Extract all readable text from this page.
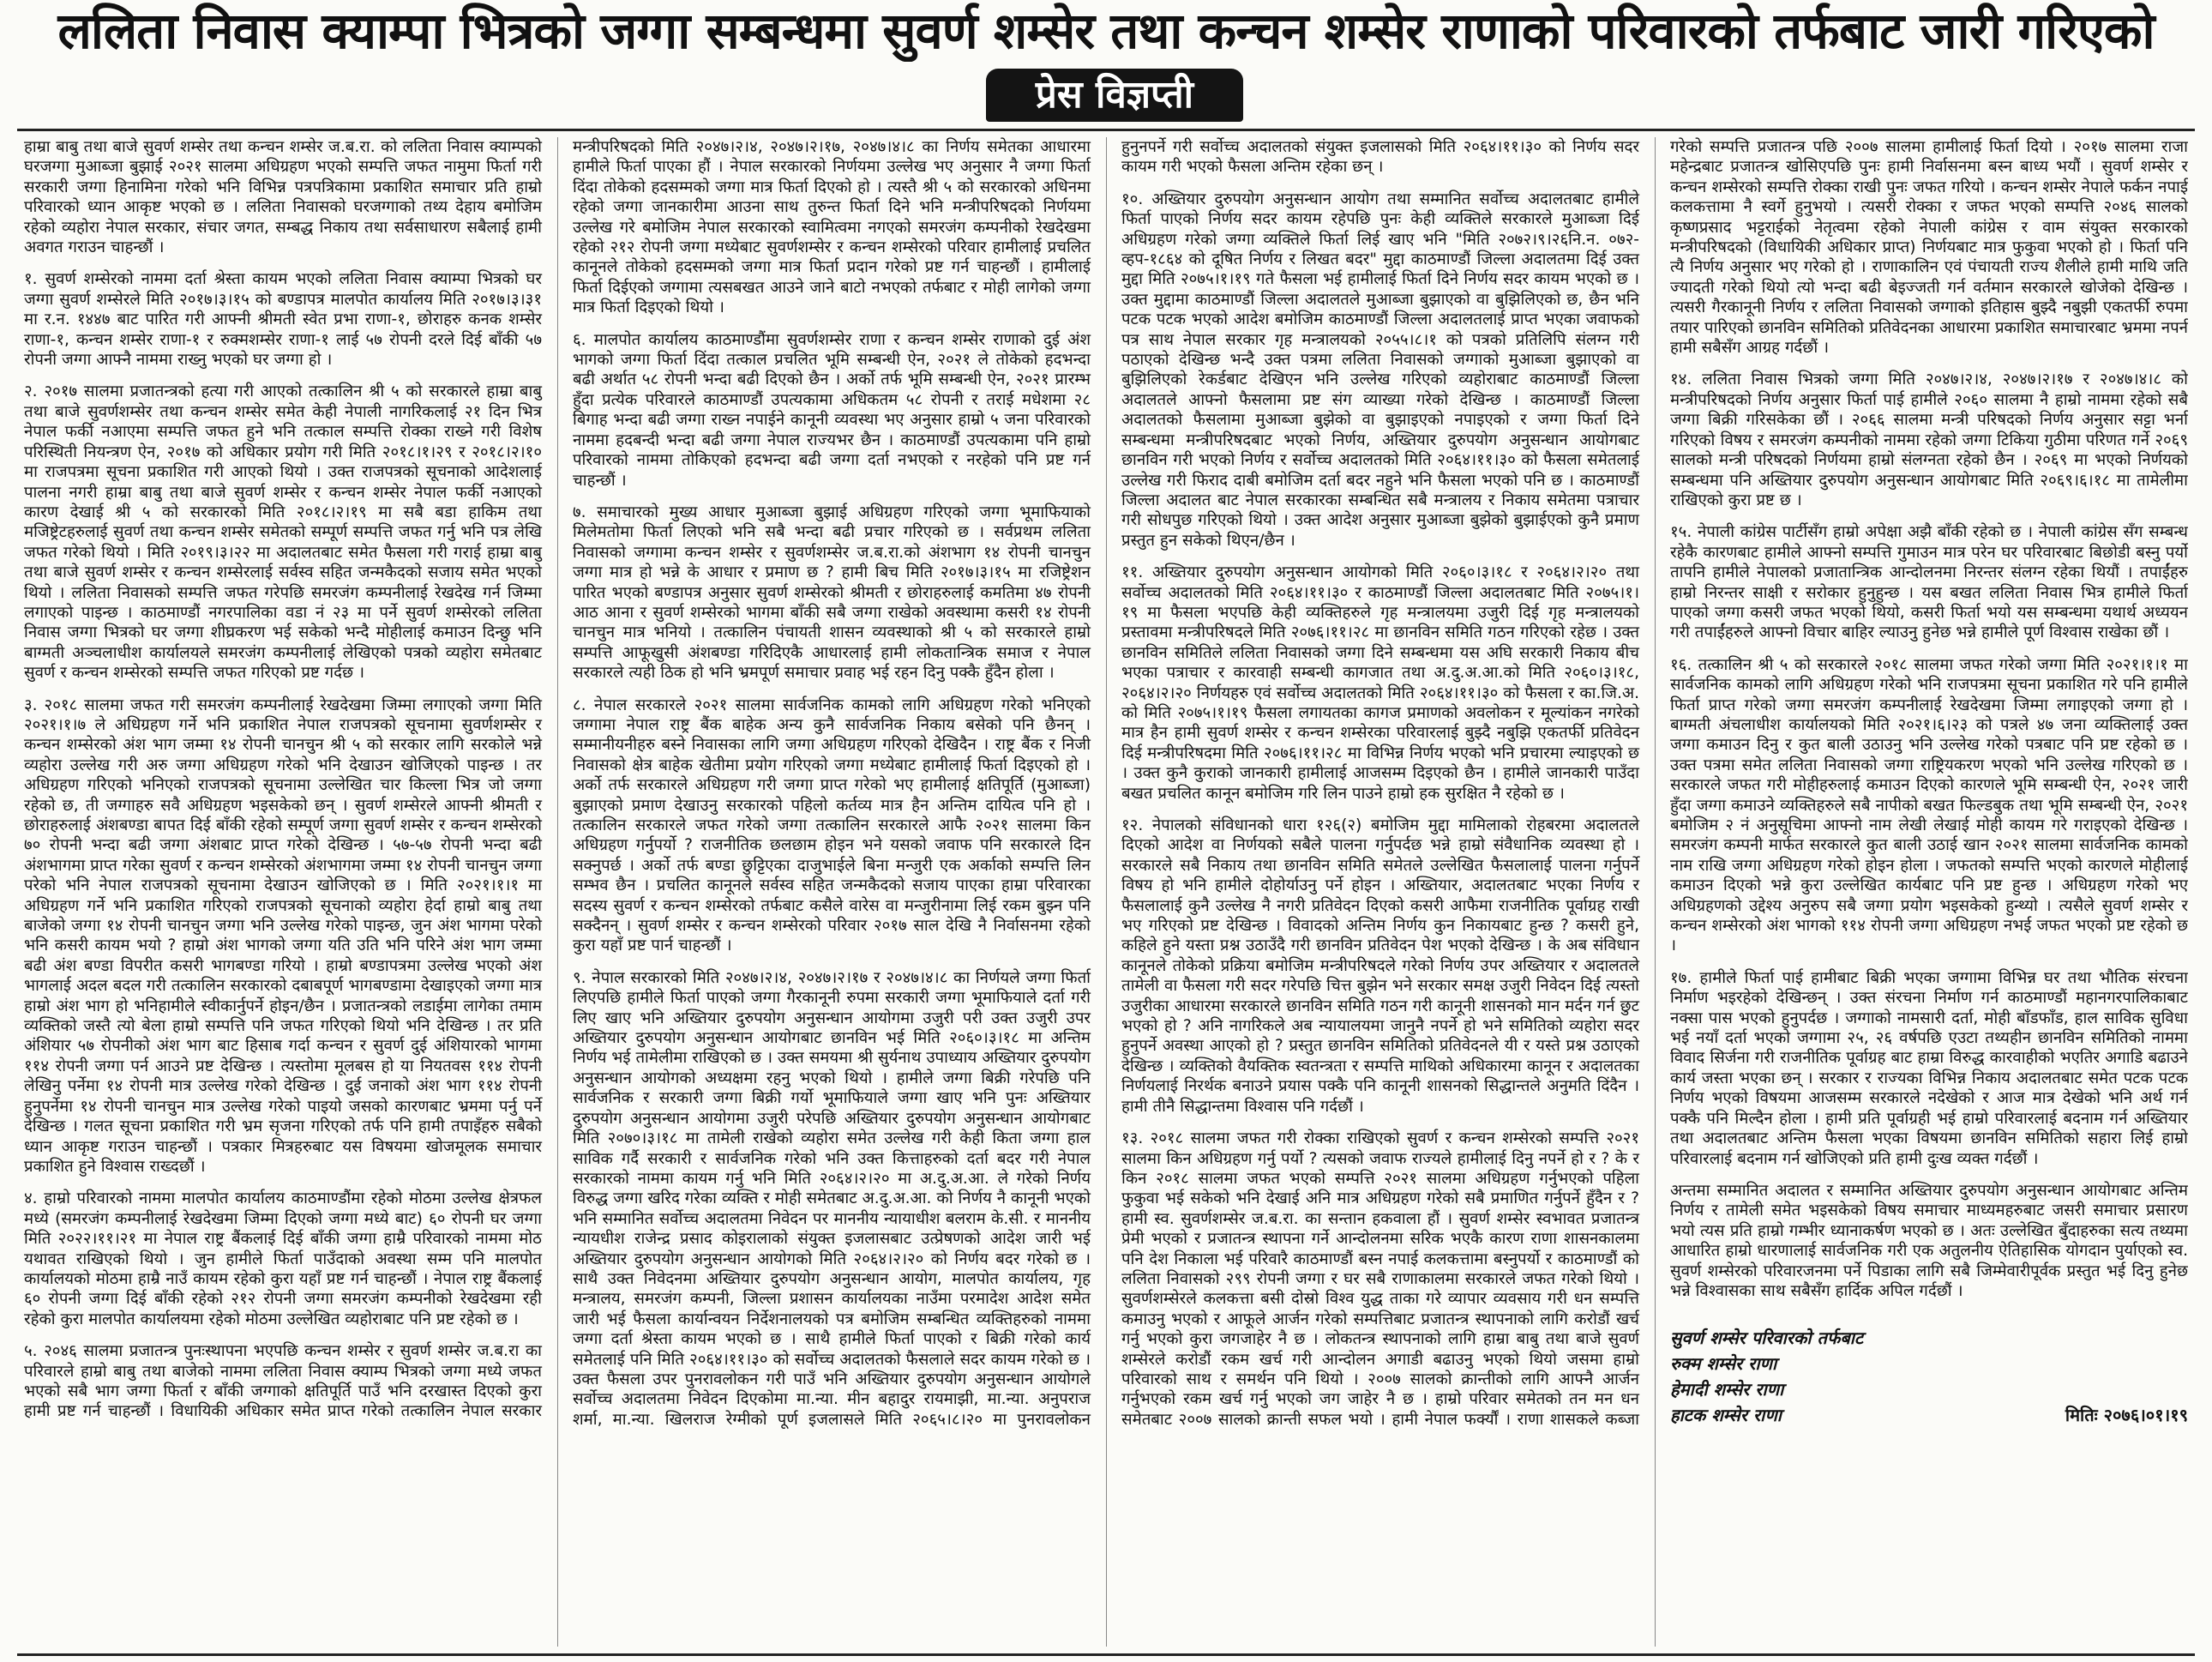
ललिता निवास क्याम्पा भित्रको जग्गा सम्बन्धमा सुवर्ण शम्सेर तथा कन्चन शम्सेर राणाको परिवारको तर्फबाट जारी गरिएको
प्रेस विज्ञप्ती

हाम्रा बाबु तथा बाजे सुवर्ण शम्सेर तथा कन्चन शम्सेर ज.ब.रा. को ललिता निवास क्याम्पको घरजग्गा मुआब्जा बुझाई २०२१ सालमा अधिग्रहण भएको सम्पत्ति जफत नामुमा फिर्ता गरी सरकारी जग्गा हिनामिना गरेको भनि विभिन्न पत्रपत्रिकामा प्रकाशित समाचार प्रति हाम्रो परिवारको ध्यान आकृष्ट भएको छ । ललिता निवासको घरजग्गाको तथ्य देहाय बमोजिम रहेको व्यहोरा नेपाल सरकार, संचार जगत, सम्बद्ध निकाय तथा सर्वसाधारण सबैलाई हामी अवगत गराउन चाहन्छौं ।

१. सुवर्ण शम्सेरको नाममा दर्ता श्रेस्ता कायम भएको ललिता निवास क्याम्पा भित्रको घर जग्गा सुवर्ण शम्सेरले मिति २०१७।३।१५ को बण्डापत्र मालपोत कार्यालय मिति २०१७।३।३१ मा र.न. १४४७ बाट पारित गरी आफ्नी श्रीमती स्वेत प्रभा राणा-१, छोराहरु कनक शम्सेर राणा-१, कन्चन शम्सेर राणा-१ र रुक्मशम्सेर राणा-१ लाई ५७ रोपनी दरले दिई बाँकी ५७ रोपनी जग्गा आफ्नै नाममा राख्नु भएको घर जग्गा हो ।

२. २०१७ सालमा प्रजातन्त्रको हत्या गरी आएको तत्कालिन श्री ५ को सरकारले हाम्रा बाबु तथा बाजे सुवर्णशम्सेर तथा कन्चन शम्सेर समेत केही नेपाली नागरिकलाई २१ दिन भित्र नेपाल फर्की नआएमा सम्पत्ति जफत हुने भनि तत्काल सम्पत्ति रोक्का राख्ने गरी विशेष परिस्थिती नियन्त्रण ऐन, २०१७ को अधिकार प्रयोग गरी मिति २०१८।१।२९ र २०१८।२।१० मा राजपत्रमा सूचना प्रकाशित गरी आएको थियो । उक्त राजपत्रको सूचनाको आदेशलाई पालना नगरी हाम्रा बाबु तथा बाजे सुवर्ण शम्सेर र कन्चन शम्सेर नेपाल फर्की नआएको कारण देखाई श्री ५ को सरकारको मिति २०१८।२।१९ मा सबै बडा हाकिम तथा मजिष्ट्रेटहरुलाई सुवर्ण तथा कन्चन शम्सेर समेतको सम्पूर्ण सम्पत्ति जफत गर्नु भनि पत्र लेखि जफत गरेको थियो । मिति २०१९।३।२२ मा अदालतबाट समेत फैसला गरी गराई हाम्रा बाबु तथा बाजे सुवर्ण शम्सेर र कन्चन शम्सेरलाई सर्वस्व सहित जन्मकैदको सजाय समेत भएको थियो । ललिता निवासको सम्पत्ति जफत गरेपछि समरजंग कम्पनीलाई रेखदेख गर्न जिम्मा लगाएको पाइन्छ । काठमाण्डौं नगरपालिका वडा नं २३ मा पर्ने सुवर्ण शम्सेरको ललिता निवास जग्गा भित्रको घर जग्गा शीघ्रकरण भई सकेको भन्दै मोहीलाई कमाउन दिन्छु भनि बाग्मती अञ्चलाधीश कार्यालयले समरजंग कम्पनीलाई लेखिएको पत्रको व्यहोरा समेतबाट सुवर्ण र कन्चन शम्सेरको सम्पत्ति जफत गरिएको प्रष्ट गर्दछ ।

३. २०१८ सालमा जफत गरी समरजंग कम्पनीलाई रेखदेखमा जिम्मा लगाएको जग्गा मिति २०२१।१।७ ले अधिग्रहण गर्ने भनि प्रकाशित नेपाल राजपत्रको सूचनामा सुवर्णशम्सेर र कन्चन शम्सेरको अंश भाग जम्मा १४ रोपनी चानचुन श्री ५ को सरकार लागि सरकोले भन्ने व्यहोरा उल्लेख गरी अरु जग्गा अधिग्रहण गरेको भनि देखाउन खोजिएको पाइन्छ । तर अधिग्रहण गरिएको भनिएको राजपत्रको सूचनामा उल्लेखित चार किल्ला भित्र जो जग्गा रहेको छ, ती जग्गाहरु सवै अधिग्रहण भइसकेको छन् । सुवर्ण शम्सेरले आफ्नी श्रीमती र छोराहरुलाई अंशबण्डा बापत दिई बाँकी रहेको सम्पूर्ण जग्गा सुवर्ण शम्सेर र कन्चन शम्सेरको ७० रोपनी भन्दा बढी जग्गा अंशबाट प्राप्त गरेको देखिन्छ । ५७-५७ रोपनी भन्दा बढी अंशभागमा प्राप्त गरेका सुवर्ण र कन्चन शम्सेरको अंशभागमा जम्मा १४ रोपनी चानचुन जग्गा परेको भनि नेपाल राजपत्रको सूचनामा देखाउन खोजिएको छ । मिति २०२१।१।१ मा अधिग्रहण गर्ने भनि प्रकाशित गरिएको राजपत्रको सूचनाको व्यहोरा हेर्दा हाम्रो बाबु तथा बाजेको जग्गा १४ रोपनी चानचुन जग्गा भनि उल्लेख गरेको पाइन्छ, जुन अंश भागमा परेको भनि कसरी कायम भयो ? हाम्रो अंश भागको जग्गा यति उति भनि परिने अंश भाग जम्मा बढी अंश बण्डा विपरीत कसरी भागबण्डा गरियो । हाम्रो बण्डापत्रमा उल्लेख भएको अंश भागलाई अदल बदल गरी तत्कालिन सरकारको दबाबपूर्ण भागबण्डामा देखाइएको जग्गा मात्र हाम्रो अंश भाग हो भनिहामीले स्वीकार्नुपर्ने होइन/छैन । प्रजातन्त्रको लडाईमा लागेका तमाम व्यक्तिको जस्तै त्यो बेला हाम्रो सम्पत्ति पनि जफत गरिएको थियो भनि देखिन्छ । तर प्रति अंशियार ५७ रोपनीको अंश भाग बाट हिसाब गर्दा कन्चन र सुवर्ण दुई अंशियारको भागमा ११४ रोपनी जग्गा पर्न आउने प्रष्ट देखिन्छ । त्यस्तोमा मूलबस हो या नियतवस ११४ रोपनी लेखिनु पर्नेमा १४ रोपनी मात्र उल्लेख गरेको देखिन्छ । दुई जनाको अंश भाग ११४ रोपनी हुनुपर्नेमा १४ रोपनी चानचुन मात्र उल्लेख गरेको पाइयो जसको कारणबाट भ्रममा पर्नु पर्ने देखिन्छ । गलत सूचना प्रकाशित गरी भ्रम सृजना गरिएको तर्फ पनि हामी तपाइँहरु सबैको ध्यान आकृष्ट गराउन चाहन्छौं । पत्रकार मित्रहरुबाट यस विषयमा खोजमूलक समाचार प्रकाशित हुने विश्वास राख्दछौं ।

४. हाम्रो परिवारको नाममा मालपोत कार्यालय काठमाण्डौंमा रहेको मोठमा उल्लेख क्षेत्रफल मध्ये (समरजंग कम्पनीलाई रेखदेखमा जिम्मा दिएको जग्गा मध्ये बाट) ६० रोपनी घर जग्गा मिति २०२२।११।२१ मा नेपाल राष्ट्र बैंकलाई दिई बाँकी जग्गा हाम्रै परिवारको नाममा मोठ यथावत राखिएको थियो । जुन हामीले फिर्ता पाउँदाको अवस्था सम्म पनि मालपोत कार्यालयको मोठमा हाम्रै नाउँ कायम रहेको कुरा यहाँ प्रष्ट गर्न चाहन्छौं । नेपाल राष्ट्र बैंकलाई ६० रोपनी जग्गा दिई बाँकी रहेको २१२ रोपनी जग्गा समरजंग कम्पनीको रेखदेखमा रही रहेको कुरा मालपोत कार्यालयमा रहेको मोठमा उल्लेखित व्यहोराबाट पनि प्रष्ट रहेको छ ।

५. २०४६ सालमा प्रजातन्त्र पुनःस्थापना भएपछि कन्चन शम्सेर र सुवर्ण शम्सेर ज.ब.रा का परिवारले हाम्रो बाबु तथा बाजेको नाममा ललिता निवास क्याम्प भित्रको जग्गा मध्ये जफत भएको सबै भाग जग्गा फिर्ता र बाँकी जग्गाको क्षतिपूर्ति पाउँ भनि दरखास्त दिएको कुरा हामी प्रष्ट गर्न चाहन्छौं । विधायिकी अधिकार समेत प्राप्त गरेको तत्कालिन नेपाल सरकार मन्त्रीपरिषदको मिति २०४७।२।४, २०४७।२।१७, २०४७।४।८ का निर्णय समेतका आधारमा हामीले फिर्ता पाएका हौं । नेपाल सरकारको निर्णयमा उल्लेख भए अनुसार नै जग्गा फिर्ता दिंदा तोकेको हदसम्मको जग्गा मात्र फिर्ता दिएको हो । त्यस्तै श्री ५ को सरकारको अधिनमा रहेको जग्गा जानकारीमा आउना साथ तुरुन्त फिर्ता दिने भनि मन्त्रीपरिषदको निर्णयमा उल्लेख गरे बमोजिम नेपाल सरकारको स्वामित्वमा नगएको समरजंग कम्पनीको रेखदेखमा रहेको २१२ रोपनी जग्गा मध्येबाट सुवर्णशम्सेर र कन्चन शम्सेरको परिवार हामीलाई प्रचलित कानूनले तोकेको हदसम्मको जग्गा मात्र फिर्ता प्रदान गरेको प्रष्ट गर्न चाहन्छौं । हामीलाई फिर्ता दिईएको जग्गामा त्यसबखत आउने जाने बाटो नभएको तर्फबाट र मोही लागेको जग्गा मात्र फिर्ता दिइएको थियो ।

६. मालपोत कार्यालय काठमाण्डौंमा सुवर्णशम्सेर राणा र कन्चन शम्सेर राणाको दुई अंश भागको जग्गा फिर्ता दिंदा तत्काल प्रचलित भूमि सम्बन्धी ऐन, २०२१ ले तोकेको हदभन्दा बढी अर्थात ५८ रोपनी भन्दा बढी दिएको छैन । अर्को तर्फ भूमि सम्बन्धी ऐन, २०२१ प्रारम्भ हुँदा प्रत्येक परिवारले काठमाण्डौं उपत्यकामा अधिकतम ५८ रोपनी र तराई मधेशमा २८ बिगाह भन्दा बढी जग्गा राख्न नपाईने कानूनी व्यवस्था भए अनुसार हाम्रो ५ जना परिवारको नाममा हदबन्दी भन्दा बढी जग्गा नेपाल राज्यभर छैन । काठमाण्डौं उपत्यकामा पनि हाम्रो परिवारको नाममा तोकिएको हदभन्दा बढी जग्गा दर्ता नभएको र नरहेको पनि प्रष्ट गर्न चाहन्छौं ।

७. समाचारको मुख्य आधार मुआब्जा बुझाई अधिग्रहण गरिएको जग्गा भूमाफियाको मिलेमतोमा फिर्ता लिएको भनि सबै भन्दा बढी प्रचार गरिएको छ । सर्वप्रथम ललिता निवासको जग्गामा कन्चन शम्सेर र सुवर्णशम्सेर ज.ब.रा.को अंशभाग १४ रोपनी चानचुन जग्गा मात्र हो भन्ने के आधार र प्रमाण छ ? हामी बिच मिति २०१७।३।१५ मा रजिष्ट्रेशन पारित भएको बण्डापत्र अनुसार सुवर्ण शम्सेरको श्रीमती र छोराहरुलाई कमतिमा ४७ रोपनी आठ आना र सुवर्ण शम्सेरको भागमा बाँकी सबै जग्गा राखेको अवस्थामा कसरी १४ रोपनी चानचुन मात्र भनियो । तत्कालिन पंचायती शासन व्यवस्थाको श्री ५ को सरकारले हाम्रो सम्पत्ति आफूखुसी अंशबण्डा गरिदिएकै आधारलाई हामी लोकतान्त्रिक समाज र नेपाल सरकारले त्यही ठिक हो भनि भ्रमपूर्ण समाचार प्रवाह भई रहन दिनु पक्कै हुँदैन होला ।

८. नेपाल सरकारले २०२१ सालमा सार्वजनिक कामको लागि अधिग्रहण गरेको भनिएको जग्गामा नेपाल राष्ट्र बैंक बाहेक अन्य कुनै सार्वजनिक निकाय बसेको पनि छैनन् । सम्मानीयनीहरु बस्ने निवासका लागि जग्गा अधिग्रहण गरिएको देखिदैन । राष्ट्र बैंक र निजी निवासको क्षेत्र बाहेक खेतीमा प्रयोग गरिएको जग्गा मध्येबाट हामीलाई फिर्ता दिइएको हो । अर्को तर्फ सरकारले अधिग्रहण गरी जग्गा प्राप्त गरेको भए हामीलाई क्षतिपूर्ति (मुआब्जा) बुझाएको प्रमाण देखाउनु सरकारको पहिलो कर्तव्य मात्र हैन अन्तिम दायित्व पनि हो । तत्कालिन सरकारले जफत गरेको जग्गा तत्कालिन सरकारले आफै २०२१ सालमा किन अधिग्रहण गर्नुपर्यो ? राजनीतिक छलछाम होइन भने यसको जवाफ पनि सरकारले दिन सक्नुपर्छ । अर्को तर्फ बण्डा छुट्टिएका दाजुभाईले बिना मन्जुरी एक अर्काको सम्पत्ति लिन सम्भव छैन । प्रचलित कानूनले सर्वस्व सहित जन्मकैदको सजाय पाएका हाम्रा परिवारका सदस्य सुवर्ण र कन्चन शम्सेरको तर्फबाट कसैले वारेस वा मन्जुरीनामा लिई रकम बुझ्न पनि सक्दैनन् । सुवर्ण शम्सेर र कन्चन शम्सेरको परिवार २०१७ साल देखि नै निर्वासनमा रहेको कुरा यहाँ प्रष्ट पार्न चाहन्छौं ।

९. नेपाल सरकारको मिति २०४७।२।४, २०४७।२।१७ र २०४७।४।८ का निर्णयले जग्गा फिर्ता लिएपछि हामीले फिर्ता पाएको जग्गा गैरकानूनी रुपमा सरकारी जग्गा भूमाफियाले दर्ता गरी लिए खाए भनि अख्तियार दुरुपयोग अनुसन्धान आयोगमा उजुरी परी उक्त उजुरी उपर अख्तियार दुरुपयोग अनुसन्धान आयोगबाट छानविन भई मिति २०६०।३।१८ मा अन्तिम निर्णय भई तामेलीमा राखिएको छ । उक्त समयमा श्री सुर्यनाथ उपाध्याय अख्तियार दुरुपयोग अनुसन्धान आयोगको अध्यक्षमा रहनु भएको थियो । हामीले जग्गा बिक्री गरेपछि पनि सार्वजनिक र सरकारी जग्गा बिक्री गर्यो भूमाफियाले जग्गा खाए भनि पुनः अख्तियार दुरुपयोग अनुसन्धान आयोगमा उजुरी परेपछि अख्तियार दुरुपयोग अनुसन्धान आयोगबाट मिति २०७०।३।१८ मा तामेली राखेको व्यहोरा समेत उल्लेख गरी केही किता जग्गा हाल साविक गर्दै सरकारी र सार्वजनिक गरेको भनि उक्त कित्ताहरुको दर्ता बदर गरी नेपाल सरकारको नाममा कायम गर्नु भनि मिति २०६४।२।२० मा अ.दु.अ.आ. ले गरेको निर्णय विरुद्ध जग्गा खरिद गरेका व्यक्ति र मोही समेतबाट अ.दु.अ.आ. को निर्णय नै कानूनी भएको भनि सम्मानित सर्वोच्च अदालतमा निवेदन पर माननीय न्यायाधीश बलराम के.सी. र माननीय न्यायधीश राजेन्द्र प्रसाद कोइरालाको संयुक्त इजलासबाट उत्प्रेषणको आदेश जारी भई अख्तियार दुरुपयोग अनुसन्धान आयोगको मिति २०६४।२।२० को निर्णय बदर गरेको छ । साथै उक्त निवेदनमा अख्तियार दुरुपयोग अनुसन्धान आयोग, मालपोत कार्यालय, गृह मन्त्रालय, समरजंग कम्पनी, जिल्ला प्रशासन कार्यालयका नाउँमा परमादेश आदेश समेत जारी भई फैसला कार्यान्वयन निर्देशनालयको पत्र बमोजिम सम्बन्धित व्यक्तिहरुको नाममा जग्गा दर्ता श्रेस्ता कायम भएको छ । साथै हामीले फिर्ता पाएको र बिक्री गरेको कार्य समेतलाई पनि मिति २०६४।११।३० को सर्वोच्च अदालतको फैसलाले सदर कायम गरेको छ । उक्त फैसला उपर पुनरावलोकन गरी पाउँ भनि अख्तियार दुरुपयोग अनुसन्धान आयोगले सर्वोच्च अदालतमा निवेदन दिएकोमा मा.न्या. मीन बहादुर रायमाझी, मा.न्या. अनुपराज शर्मा, मा.न्या. खिलराज रेग्मीको पूर्ण इजलासले मिति २०६५।८।२० मा पुनरावलोकन हुनुनपर्ने गरी सर्वोच्च अदालतको संयुक्त इजलासको मिति २०६४।११।३० को निर्णय सदर कायम गरी भएको फैसला अन्तिम रहेका छन् ।

१०. अख्तियार दुरुपयोग अनुसन्धान आयोग तथा सम्मानित सर्वोच्च अदालतबाट हामीले फिर्ता पाएको निर्णय सदर कायम रहेपछि पुनः केही व्यक्तिले सरकारले मुआब्जा दिई अधिग्रहण गरेको जग्गा व्यक्तिले फिर्ता लिई खाए भनि "मिति २०७२।९।२६नि.न. ०७२-व्हप-१८६४ को दूषित निर्णय र लिखत बदर" मुद्दा काठमाण्डौं जिल्ला अदालतमा दिई उक्त मुद्दा मिति २०७५।१।१९ गते फैसला भई हामीलाई फिर्ता दिने निर्णय सदर कायम भएको छ । उक्त मुद्दामा काठमाण्डौं जिल्ला अदालतले मुआब्जा बुझाएको वा बुझिलिएको छ, छैन भनि पटक पटक भएको आदेश बमोजिम काठमाण्डौं जिल्ला अदालतलाई प्राप्त भएका जवाफको पत्र साथ नेपाल सरकार गृह मन्त्रालयको २०५५।८।१ को पत्रको प्रतिलिपि संलग्न गरी पठाएको देखिन्छ भन्दै उक्त पत्रमा ललिता निवासको जग्गाको मुआब्जा बुझाएको वा बुझिलिएको रेकर्डबाट देखिएन भनि उल्लेख गरिएको व्यहोराबाट काठमाण्डौं जिल्ला अदालतले आफ्नो फैसलामा प्रष्ट संग व्याख्या गरेको देखिन्छ । काठमाण्डौं जिल्ला अदालतको फैसलामा मुआब्जा बुझेको वा बुझाइएको नपाइएको र जग्गा फिर्ता दिने सम्बन्धमा मन्त्रीपरिषदबाट भएको निर्णय, अख्तियार दुरुपयोग अनुसन्धान आयोगबाट छानविन गरी भएको निर्णय र सर्वोच्च अदालतको मिति २०६४।११।३० को फैसला समेतलाई उल्लेख गरी फिराद दाबी बमोजिम दर्ता बदर नहुने भनि फैसला भएको पनि छ । काठमाण्डौं जिल्ला अदालत बाट नेपाल सरकारका सम्बन्धित सबै मन्त्रालय र निकाय समेतमा पत्राचार गरी सोधपुछ गरिएको थियो । उक्त आदेश अनुसार मुआब्जा बुझेको बुझाईएको कुनै प्रमाण प्रस्तुत हुन सकेको थिएन/छैन ।

११. अख्तियार दुरुपयोग अनुसन्धान आयोगको मिति २०६०।३।१८ र २०६४।२।२० तथा सर्वोच्च अदालतको मिति २०६४।११।३० र काठमाण्डौं जिल्ला अदालतबाट मिति २०७५।१।१९ मा फैसला भएपछि केही व्यक्तिहरुले गृह मन्त्रालयमा उजुरी दिई गृह मन्त्रालयको प्रस्तावमा मन्त्रीपरिषदले मिति २०७६।११।२८ मा छानविन समिति गठन गरिएको रहेछ । उक्त छानविन समितिले ललिता निवासको जग्गा दिने सम्बन्धमा यस अघि सरकारी निकाय बीच भएका पत्राचार र कारवाही सम्बन्धी कागजात तथा अ.दु.अ.आ.को मिति २०६०।३।१८, २०६४।२।२० निर्णयहरु एवं सर्वोच्च अदालतको मिति २०६४।११।३० को फैसला र का.जि.अ. को मिति २०७५।१।१९ फैसला लगायतका कागज प्रमाणको अवलोकन र मूल्यांकन नगरेको मात्र हैन हामी सुवर्ण शम्सेर र कन्चन शम्सेरका परिवारलाई बुझ्दै नबुझि एकतर्फी प्रतिवेदन दिई मन्त्रीपरिषदमा मिति २०७६।११।२८ मा विभिन्न निर्णय भएको भनि प्रचारमा ल्याइएको छ । उक्त कुनै कुराको जानकारी हामीलाई आजसम्म दिइएको छैन । हामीले जानकारी पाउँदा बखत प्रचलित कानून बमोजिम गरि लिन पाउने हाम्रो हक सुरक्षित नै रहेको छ ।

१२. नेपालको संविधानको धारा १२६(२) बमोजिम मुद्दा मामिलाको रोहबरमा अदालतले दिएको आदेश वा निर्णयको सबैले पालना गर्नुपर्दछ भन्ने हाम्रो संवैधानिक व्यवस्था हो । सरकारले सबै निकाय तथा छानविन समिति समेतले उल्लेखित फैसलालाई पालना गर्नुपर्ने विषय हो भनि हामीले दोहोर्याउनु पर्ने होइन । अख्तियार, अदालतबाट भएका निर्णय र फैसलालाई कुनै उल्लेख नै नगरी प्रतिवेदन दिएको कसरी आफैमा राजनीतिक पूर्वाग्रह राखी भए गरिएको प्रष्ट देखिन्छ । विवादको अन्तिम निर्णय कुन निकायबाट हुन्छ ? कसरी हुने, कहिले हुने यस्ता प्रश्न उठाउँदै गरी छानविन प्रतिवेदन पेश भएको देखिन्छ । के अब संविधान कानूनले तोकेको प्रक्रिया बमोजिम मन्त्रीपरिषदले गरेको निर्णय उपर अख्तियार र अदालतले तामेली वा फैसला गरी सदर गरेपछि चित्त बुझेन भने सरकार समक्ष उजुरी निवेदन दिई त्यस्तो उजुरीका आधारमा सरकारले छानविन समिति गठन गरी कानूनी शासनको मान मर्दन गर्न छुट भएको हो ? अनि नागरिकले अब न्यायालयमा जानुनै नपर्ने हो भने समितिको व्यहोरा सदर हुनुपर्ने अवस्था आएको हो ? प्रस्तुत छानविन समितिको प्रतिवेदनले यी र यस्ते प्रश्न उठाएको देखिन्छ । व्यक्तिको वैयक्तिक स्वतन्त्रता र सम्पत्ति माथिको अधिकारमा कानून र अदालतका निर्णयलाई निरर्थक बनाउने प्रयास पक्कै पनि कानूनी शासनको सिद्धान्तले अनुमति दिंदैन । हामी तीनै सिद्धान्तमा विश्वास पनि गर्दछौं ।

१३. २०१८ सालमा जफत गरी रोक्का राखिएको सुवर्ण र कन्चन शम्सेरको सम्पत्ति २०२१ सालमा किन अधिग्रहण गर्नु पर्यो ? त्यसको जवाफ राज्यले हामीलाई दिनु नपर्ने हो र ? के र किन २०१८ सालमा जफत भएको सम्पत्ति २०२१ सालमा अधिग्रहण गर्नुभएको पहिला फुकुवा भई सकेको भनि देखाई अनि मात्र अधिग्रहण गरेको सबै प्रमाणित गर्नुपर्ने हुँदैन र ? हामी स्व. सुवर्णशम्सेर ज.ब.रा. का सन्तान हकवाला हौं । सुवर्ण शम्सेर स्वभावत प्रजातन्त्र प्रेमी भएको र प्रजातन्त्र स्थापना गर्ने आन्दोलनमा सरिक भएकै कारण राणा शासनकालमा पनि देश निकाला भई परिवारै काठमाण्डौं बस्न नपाई कलकत्तामा बस्नुपर्यो र काठमाण्डौं को ललिता निवासको २९९ रोपनी जग्गा र घर सबै राणाकालमा सरकारले जफत गरेको थियो । सुवर्णशम्सेरले कलकत्ता बसी दोस्रो विश्व युद्ध ताका गरे व्यापार व्यवसाय गरी धन सम्पत्ति कमाउनु भएको र आफूले आर्जन गरेको सम्पत्तिबाट प्रजातन्त्र स्थापनाको लागि करोडौं खर्च गर्नु भएको कुरा जगजाहेर नै छ । लोकतन्त्र स्थापनाको लागि हाम्रा बाबु तथा बाजे सुवर्ण शम्सेरले करोडौं रकम खर्च गरी आन्दोलन अगाडी बढाउनु भएको थियो जसमा हाम्रो परिवारको साथ र समर्थन पनि थियो । २००७ सालको क्रान्तीको लागि आफ्नै आर्जन गर्नुभएको रकम खर्च गर्नु भएको जग जाहेर नै छ । हाम्रो परिवार समेतको तन मन धन समेतबाट २००७ सालको क्रान्ती सफल भयो । हामी नेपाल फर्क्यौं । राणा शासकले कब्जा गरेको सम्पत्ति प्रजातन्त्र पछि २००७ सालमा हामीलाई फिर्ता दियो । २०१७ सालमा राजा महेन्द्रबाट प्रजातन्त्र खोसिएपछि पुनः हामी निर्वासनमा बस्न बाध्य भयौं । सुवर्ण शम्सेर र कन्चन शम्सेरको सम्पत्ति रोक्का राखी पुनः जफत गरियो । कन्चन शम्सेर नेपाले फर्कन नपाई कलकत्तामा नै स्वर्गे हुनुभयो । त्यसरी रोक्का र जफत भएको सम्पत्ति २०४६ सालको कृष्णप्रसाद भट्टराईको नेतृत्वमा रहेको नेपाली कांग्रेस र वाम संयुक्त सरकारको मन्त्रीपरिषदको (विधायिकी अधिकार प्राप्त) निर्णयबाट मात्र फुकुवा भएको हो । फिर्ता पनि त्यै निर्णय अनुसार भए गरेको हो । राणाकालिन एवं पंचायती राज्य शैलीले हामी माथि जति ज्यादती गरेको थियो त्यो भन्दा बढी बेइज्जती गर्न वर्तमान सरकारले खोजेको देखिन्छ । त्यसरी गैरकानूनी निर्णय र ललिता निवासको जग्गाको इतिहास बुझ्दै नबुझी एकतर्फी रुपमा तयार पारिएको छानविन समितिको प्रतिवेदनका आधारमा प्रकाशित समाचारबाट भ्रममा नपर्न हामी सबैसँग आग्रह गर्दछौं ।

१४. ललिता निवास भित्रको जग्गा मिति २०४७।२।४, २०४७।२।१७ र २०४७।४।८ को मन्त्रीपरिषदको निर्णय अनुसार फिर्ता पाई हामीले २०६० सालमा नै हाम्रो नाममा रहेको सबै जग्गा बिक्री गरिसकेका छौं । २०६६ सालमा मन्त्री परिषदको निर्णय अनुसार सट्टा भर्ना गरिएको विषय र समरजंग कम्पनीको नाममा रहेको जग्गा टिकिया गुठीमा परिणत गर्ने २०६९ सालको मन्त्री परिषदको निर्णयमा हाम्रो संलग्नता रहेको छैन । २०६९ मा भएको निर्णयको सम्बन्धमा पनि अख्तियार दुरुपयोग अनुसन्धान आयोगबाट मिति २०६९।६।१८ मा तामेलीमा राखिएको कुरा प्रष्ट छ ।

१५. नेपाली कांग्रेस पार्टीसँग हाम्रो अपेक्षा अझै बाँकी रहेको छ । नेपाली कांग्रेस सँग सम्बन्ध रहेकै कारणबाट हामीले आफ्नो सम्पत्ति गुमाउन मात्र परेन घर परिवारबाट बिछोडी बस्नु पर्यो तापनि हामीले नेपालको प्रजातान्त्रिक आन्दोलनमा निरन्तर संलग्न रहेका थियौं । तपाईंहरु हाम्रो निरन्तर साक्षी र सरोकार हुनुहुन्छ । यस बखत ललिता निवास भित्र हामीले फिर्ता पाएको जग्गा कसरी जफत भएको थियो, कसरी फिर्ता भयो यस सम्बन्धमा यथार्थ अध्ययन गरी तपाईंहरुले आफ्नो विचार बाहिर ल्याउनु हुनेछ भन्ने हामीले पूर्ण विश्वास राखेका छौं ।

१६. तत्कालिन श्री ५ को सरकारले २०१८ सालमा जफत गरेको जग्गा मिति २०२१।१।१ मा सार्वजनिक कामको लागि अधिग्रहण गरेको भनि राजपत्रमा सूचना प्रकाशित गरे पनि हामीले फिर्ता प्राप्त गरेको जग्गा समरजंग कम्पनीलाई रेखदेखमा जिम्मा लगाइएको जग्गा हो । बाग्मती अंचलाधीश कार्यालयको मिति २०२१।६।२३ को पत्रले ४७ जना व्यक्तिलाई उक्त जग्गा कमाउन दिनु र कुत बाली उठाउनु भनि उल्लेख गरेको पत्रबाट पनि प्रष्ट रहेको छ । उक्त पत्रमा समेत ललिता निवासको जग्गा राष्ट्रियकरण भएको भनि उल्लेख गरिएको छ । सरकारले जफत गरी मोहीहरुलाई कमाउन दिएको कारणले भूमि सम्बन्धी ऐन, २०२१ जारी हुँदा जग्गा कमाउने व्यक्तिहरुले सबै नापीको बखत फिल्डबुक तथा भूमि सम्बन्धी ऐन, २०२१ बमोजिम २ नं अनुसूचिमा आफ्नो नाम लेखी लेखाई मोही कायम गरे गराइएको देखिन्छ । समरजंग कम्पनी मार्फत सरकारले कुत बाली उठाई खान २०२१ सालमा सार्वजनिक कामको नाम राखि जग्गा अधिग्रहण गरेको होइन होला । जफतको सम्पत्ति भएको कारणले मोहीलाई कमाउन दिएको भन्ने कुरा उल्लेखित कार्यबाट पनि प्रष्ट हुन्छ । अधिग्रहण गरेको भए अधिग्रहणको उद्देश्य अनुरुप सबै जग्गा प्रयोग भइसकेको हुन्थ्यो । त्यसैले सुवर्ण शम्सेर र कन्चन शम्सेरको अंश भागको ११४ रोपनी जग्गा अधिग्रहण नभई जफत भएको प्रष्ट रहेको छ ।

१७. हामीले फिर्ता पाई हामीबाट बिक्री भएका जग्गामा विभिन्न घर तथा भौतिक संरचना निर्माण भइरहेको देखिन्छन् । उक्त संरचना निर्माण गर्न काठमाण्डौं महानगरपालिकाबाट नक्सा पास भएको हुनुपर्दछ । जग्गाको नामसारी दर्ता, मोही बाँडफाँड, हाल साविक सुविधा भई नयाँ दर्ता भएको जग्गामा २५, २६ वर्षपछि एउटा तथ्यहीन छानविन समितिको नाममा विवाद सिर्जना गरी राजनीतिक पूर्वाग्रह बाट हाम्रा विरुद्ध कारवाहीको भएतिर अगाडि बढाउने कार्य जस्ता भएका छन् । सरकार र राज्यका विभिन्न निकाय अदालतबाट समेत पटक पटक निर्णय भएको विषयमा आजसम्म सरकारले नदेखेको र आज मात्र देखेको भनि अर्थ गर्न पक्कै पनि मिल्दैन होला । हामी प्रति पूर्वाग्रही भई हाम्रो परिवारलाई बदनाम गर्न अख्तियार तथा अदालतबाट अन्तिम फैसला भएका विषयमा छानविन समितिको सहारा लिई हाम्रो परिवारलाई बदनाम गर्न खोजिएको प्रति हामी दुःख व्यक्त गर्दछौं ।

अन्तमा सम्मानित अदालत र सम्मानित अख्तियार दुरुपयोग अनुसन्धान आयोगबाट अन्तिम निर्णय र तामेली समेत भइसकेको विषय समाचार माध्यमहरुबाट जसरी समाचार प्रसारण भयो त्यस प्रति हाम्रो गम्भीर ध्यानाकर्षण भएको छ । अतः उल्लेखित बुँदाहरुका सत्य तथ्यमा आधारित हाम्रो धारणालाई सार्वजनिक गरी एक अतुलनीय ऐतिहासिक योगदान पुर्याएको स्व. सुवर्ण शम्सेरको परिवारजनमा पर्ने पिडाका लागि सबै जिम्मेवारीपूर्वक प्रस्तुत भई दिनु हुनेछ भन्ने विश्वासका साथ सबैसँग हार्दिक अपिल गर्दछौं ।

सुवर्ण शम्सेर परिवारको तर्फबाट
रुक्म शम्सेर राणा
हेमादी शम्सेर राणा
मितिः २०७६।०१।१९
हाटक शम्सेर राणा
